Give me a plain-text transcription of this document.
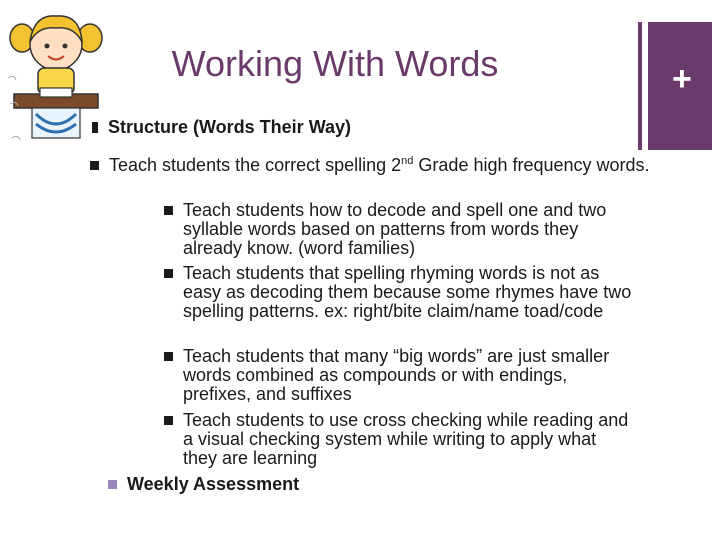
+
Working With Words
Structure (Words Their Way)
Teach students the correct spelling 2nd Grade high frequency words.
Teach students how to decode and spell one and two syllable words based on patterns from words they already know. (word families)
Teach students that spelling rhyming words is not as easy as decoding them because some rhymes have two spelling patterns. ex: right/bite claim/name toad/code
Teach students that many “big words” are just smaller words combined as compounds or with endings, prefixes, and suffixes
Teach students to use cross checking while reading and a visual checking system while writing to apply what they are learning
Weekly Assessment
